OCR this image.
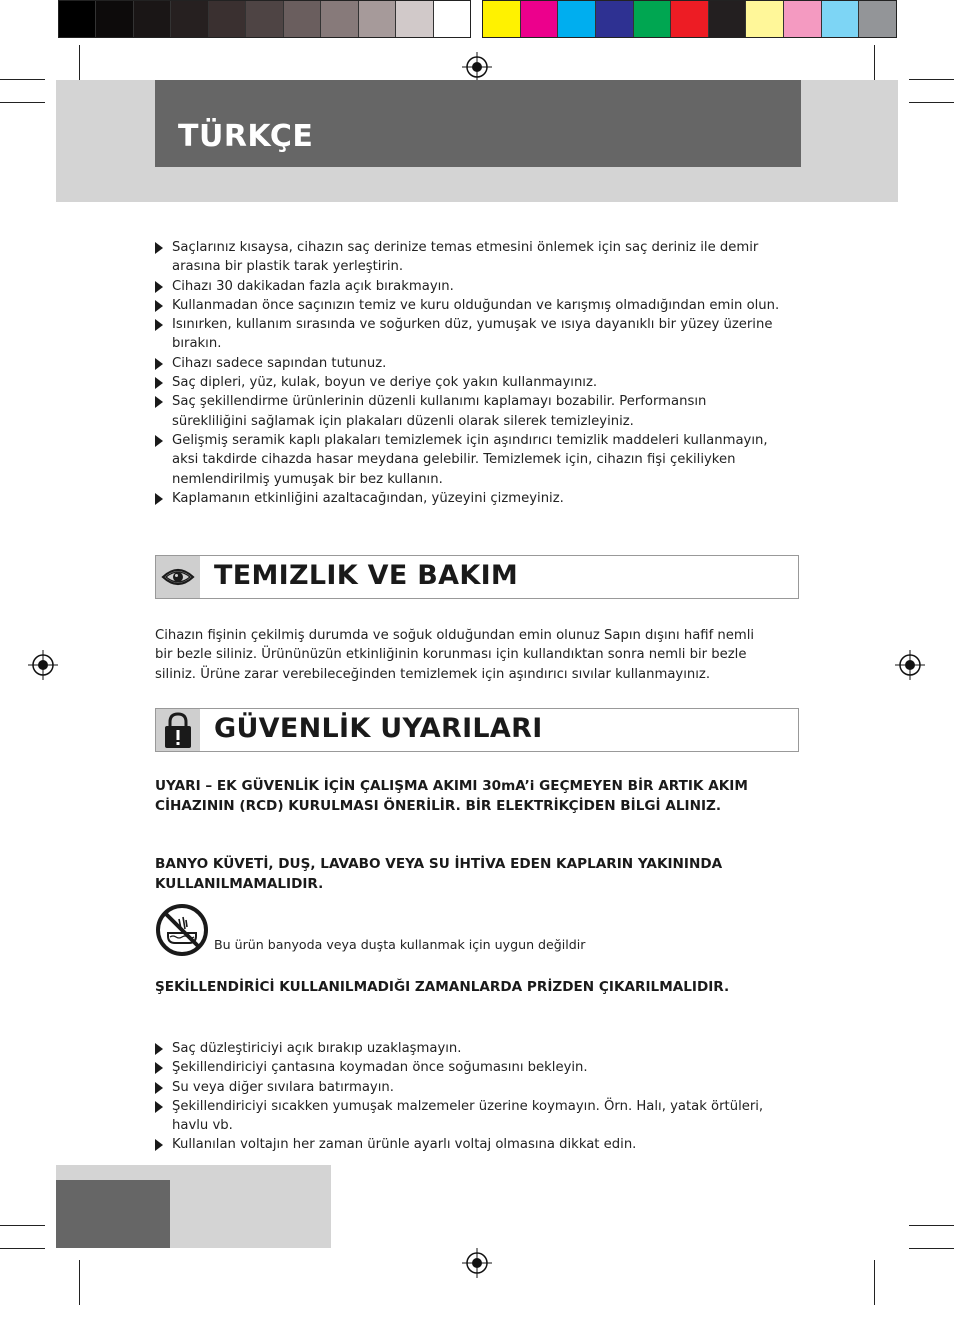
TÜRKÇE
Saçlarınız kısaysa, cihazın saç derinize temas etmesini önlemek için saç deriniz ile demir arasına bir plastik tarak yerleştirin.
Cihazı 30 dakikadan fazla açık bırakmayın.
Kullanmadan önce saçınızın temiz ve kuru olduğundan ve karışmış olmadığından emin olun.
Isınırken, kullanım sırasında ve soğurken düz, yumuşak ve ısıya dayanıklı bir yüzey üzerine bırakın.
Cihazı sadece sapından tutunuz.
Saç dipleri, yüz, kulak, boyun ve deriye çok yakın kullanmayınız.
Saç şekillendirme ürünlerinin düzenli kullanımı kaplamayı bozabilir. Performansın sürekliliğini sağlamak için plakaları düzenli olarak silerek temizleyiniz.
Gelişmiş seramik kaplı plakaları temizlemek için aşındırıcı temizlik maddeleri kullanmayın, aksi takdirde cihazda hasar meydana gelebilir. Temizlemek için, cihazın fişi çekiliyken nemlendirilmiş yumuşak bir bez kullanın.
Kaplamanın etkinliğini azaltacağından, yüzeyini çizmeyiniz.
TEMIZLIK VE BAKIM

Cihazın fişinin çekilmiş durumda ve soğuk olduğundan emin olunuz Sapın dışını hafif nemli bir bezle siliniz. Ürününüzün etkinliğinin korunması için kullandıktan sonra nemli bir bezle siliniz. Ürüne zarar verebileceğinden temizlemek için aşındırıcı sıvılar kullanmayınız.

GÜVENLİK UYARILARI

UYARI – EK GÜVENLİK İÇİN ÇALIŞMA AKIMI 30mA’i GEÇMEYEN BİR ARTIK AKIM CİHAZININ (RCD) KURULMASI ÖNERİLİR. BİR ELEKTRİKÇİDEN BİLGİ ALINIZ.

BANYO KÜVETİ, DUŞ, LAVABO VEYA SU İHTİVA EDEN KAPLARIN YAKININDA KULLANILMAMALIDIR.

Bu ürün banyoda veya duşta kullanmak için uygun değildir

ŞEKİLLENDİRİCİ KULLANILMADIĞI ZAMANLARDA PRİZDEN ÇIKARILMALIDIR.

Saç düzleştiriciyi açık bırakıp uzaklaşmayın.
Şekillendiriciyi çantasına koymadan önce soğumasını bekleyin.
Su veya diğer sıvılara batırmayın.
Şekillendiriciyi sıcakken yumuşak malzemeler üzerine koymayın. Örn. Halı, yatak örtüleri, havlu vb.
Kullanılan voltajın her zaman ürünle ayarlı voltaj olmasına dikkat edin.
